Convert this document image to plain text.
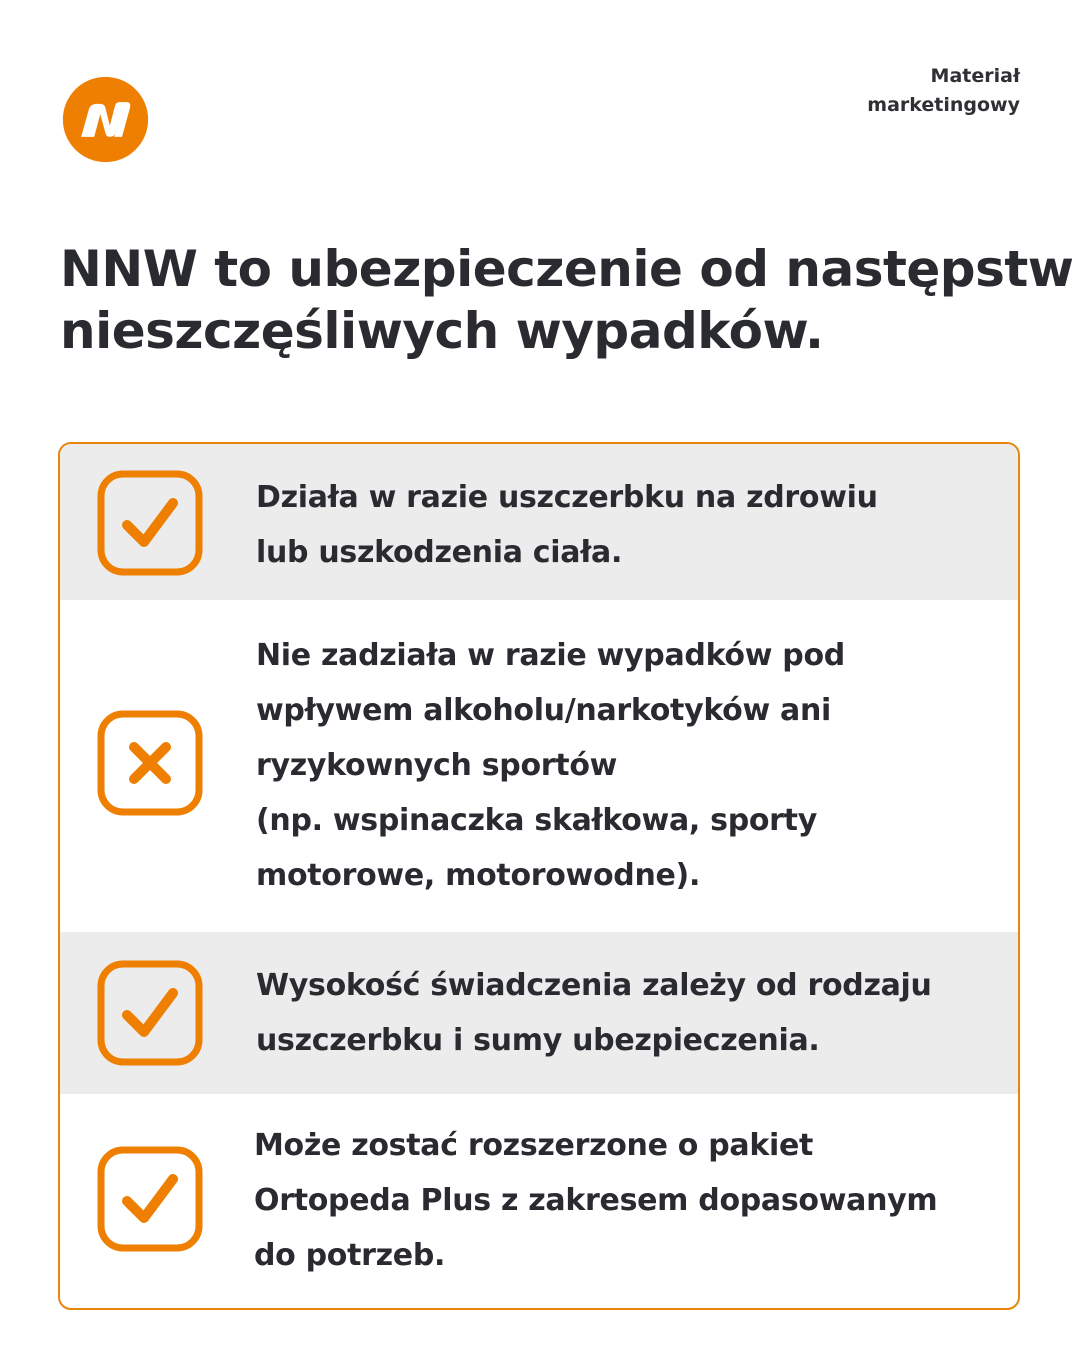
Materiał
marketingowy
NNW to ubezpieczenie od następstw
nieszczęśliwych wypadków.
Działa w razie uszczerbku na zdrowiu
lub uszkodzenia ciała.
Nie zadziała w razie wypadków pod
wpływem alkoholu/narkotyków ani
ryzykownych sportów
(np. wspinaczka skałkowa, sporty
motorowe, motorowodne).
Wysokość świadczenia zależy od rodzaju
uszczerbku i sumy ubezpieczenia.
Może zostać rozszerzone o pakiet
Ortopeda Plus z zakresem dopasowanym
do potrzeb.
